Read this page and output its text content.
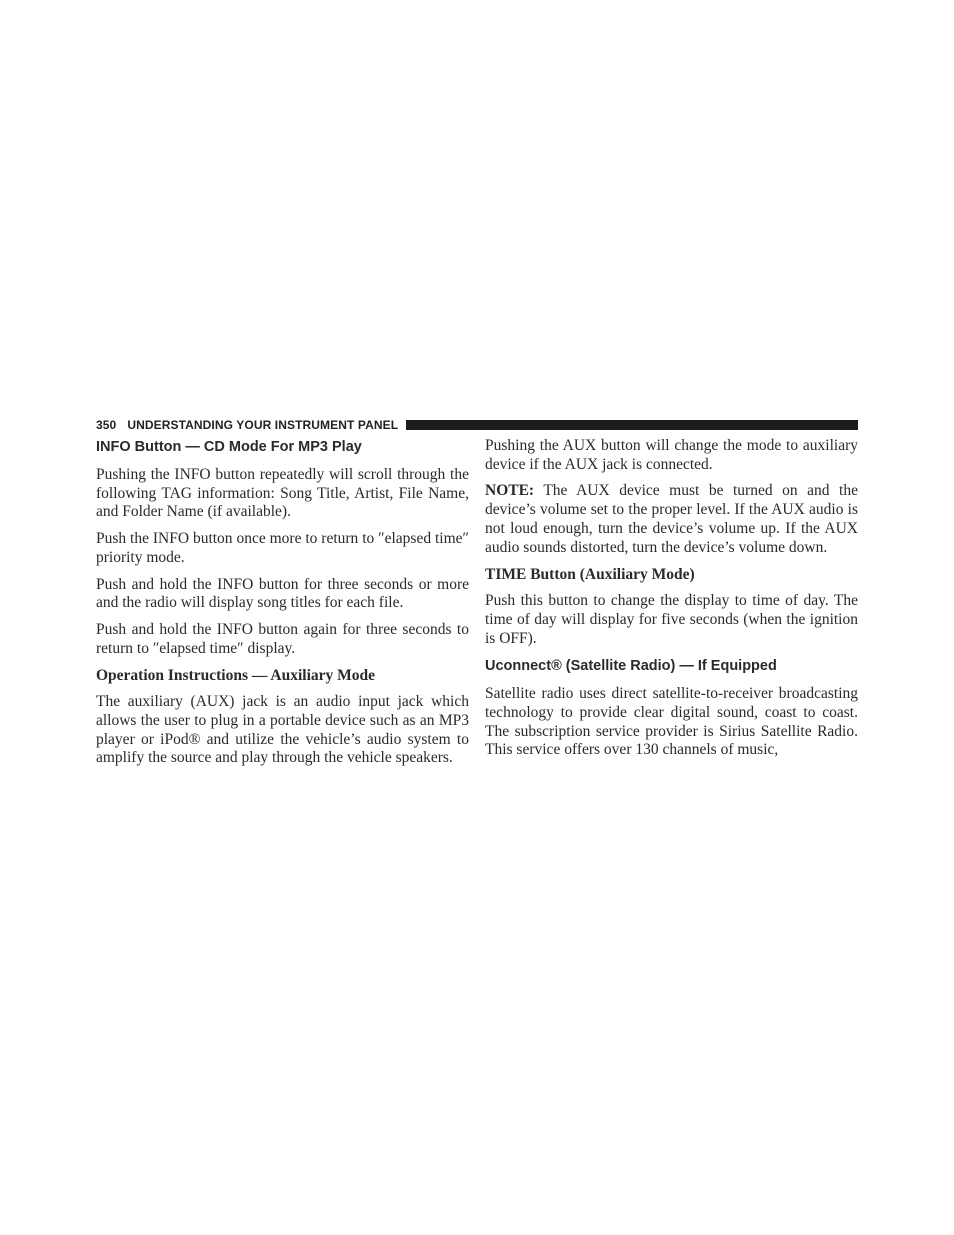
350 UNDERSTANDING YOUR INSTRUMENT PANEL
INFO Button — CD Mode For MP3 Play

Pushing the INFO button repeatedly will scroll through the following TAG information: Song Title, Artist, File Name, and Folder Name (if available).

Push the INFO button once more to return to ″elapsed time″ priority mode.

Push and hold the INFO button for three seconds or more and the radio will display song titles for each file.

Push and hold the INFO button again for three seconds to return to ″elapsed time″ display.

Operation Instructions — Auxiliary Mode

The auxiliary (AUX) jack is an audio input jack which allows the user to plug in a portable device such as an MP3 player or iPod® and utilize the vehicle’s audio system to amplify the source and play through the vehicle speakers.

Pushing the AUX button will change the mode to auxiliary device if the AUX jack is connected.

NOTE: The AUX device must be turned on and the device’s volume set to the proper level. If the AUX audio is not loud enough, turn the device’s volume up. If the AUX audio sounds distorted, turn the device’s volume down.

TIME Button (Auxiliary Mode)

Push this button to change the display to time of day. The time of day will display for five seconds (when the ignition is OFF).

Uconnect® (Satellite Radio) — If Equipped

Satellite radio uses direct satellite-to-receiver broadcasting technology to provide clear digital sound, coast to coast. The subscription service provider is Sirius Satellite Radio. This service offers over 130 channels of music,
